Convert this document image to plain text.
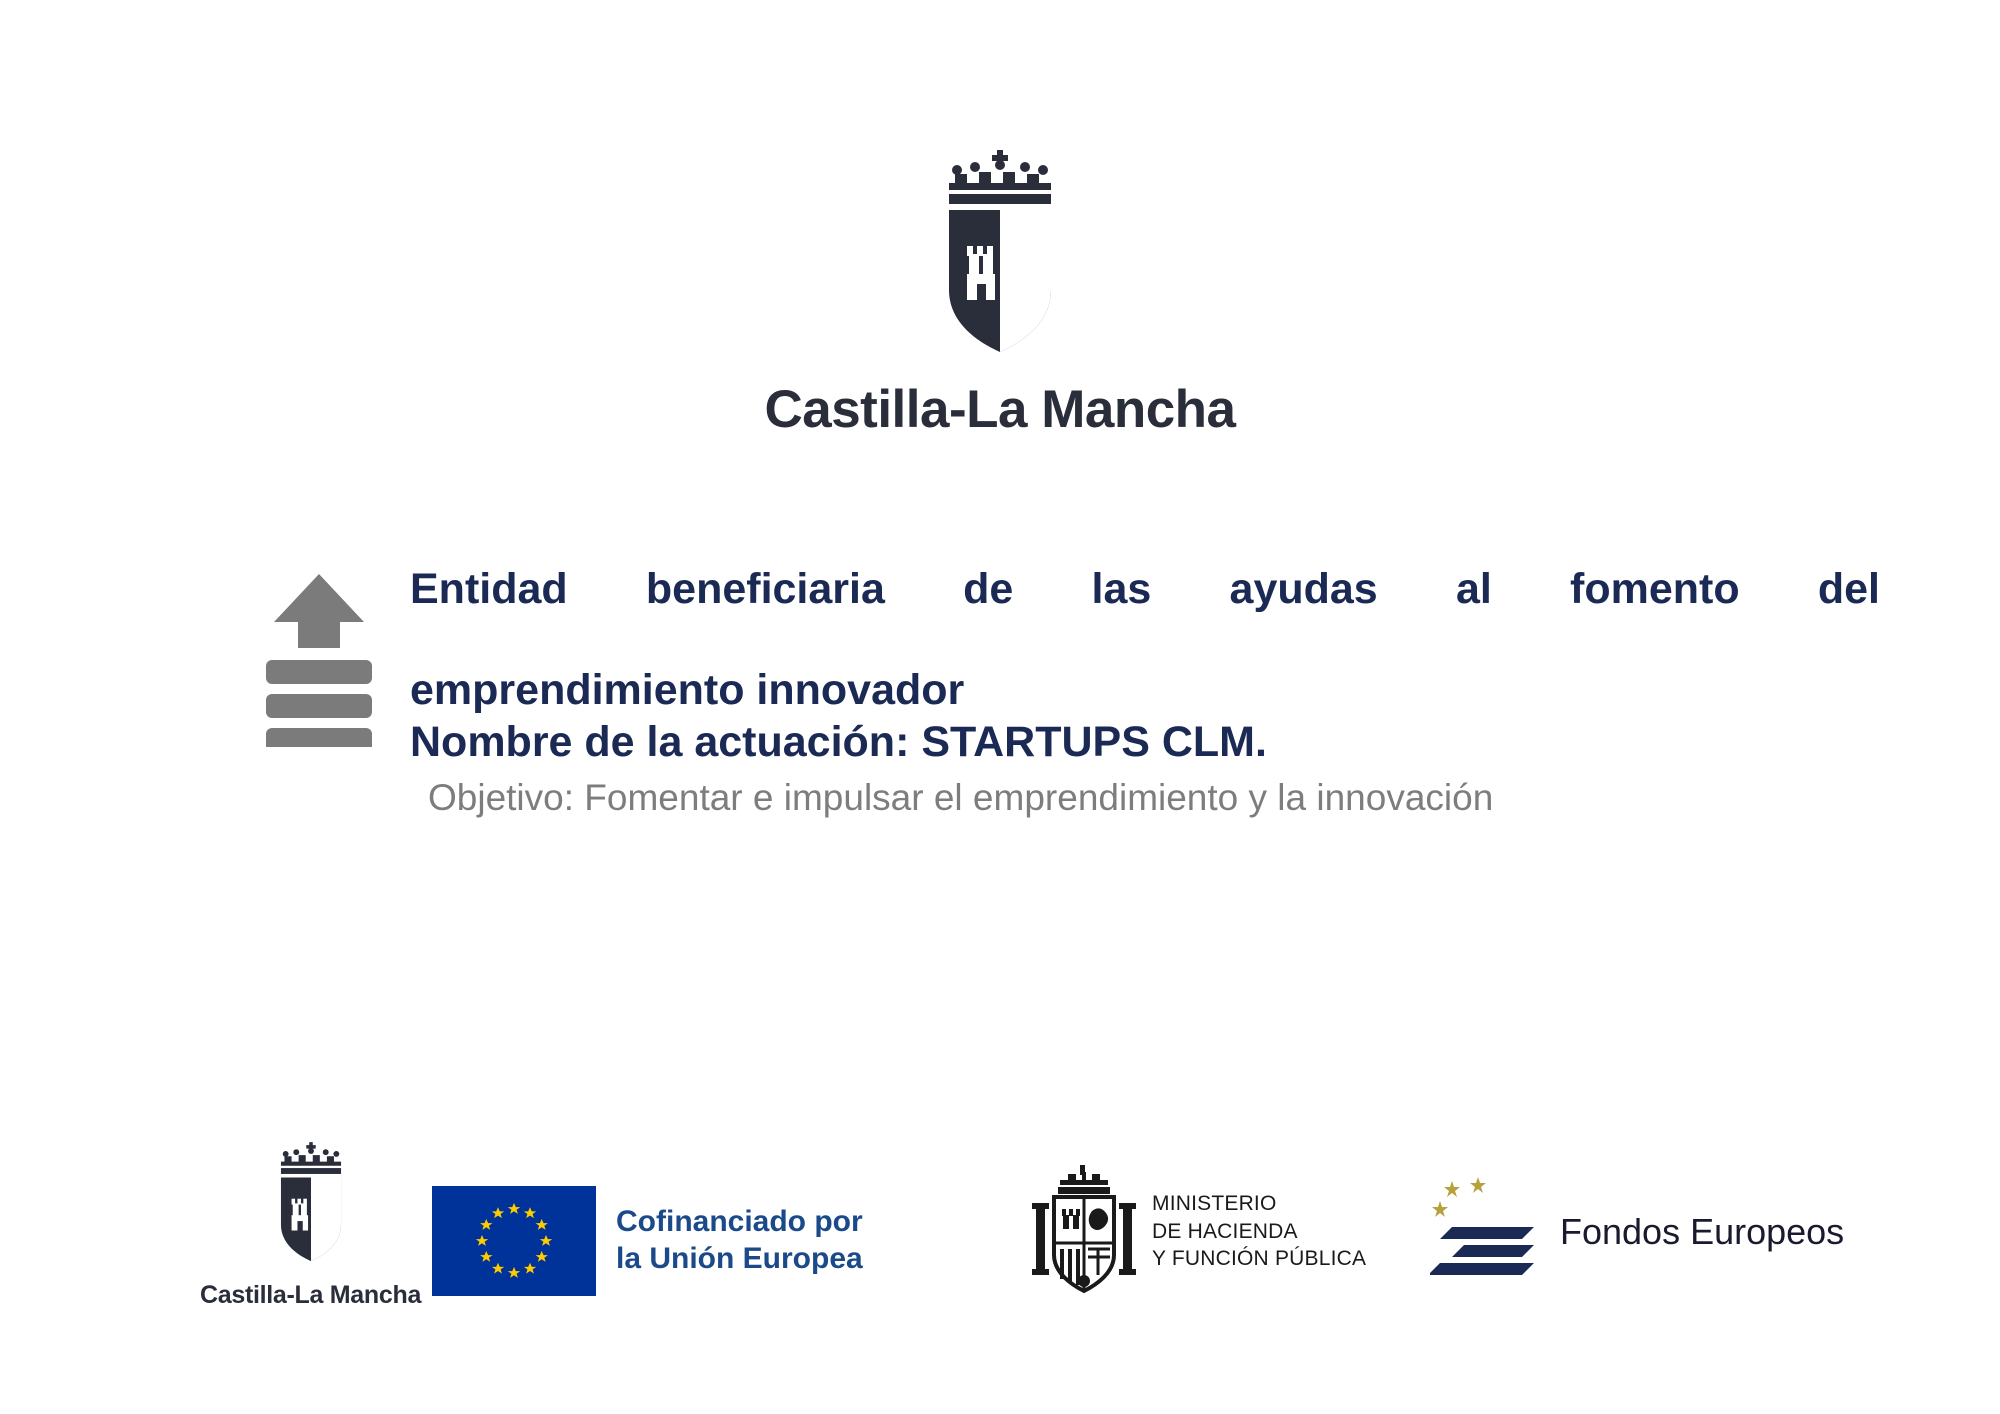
Castilla-La Mancha

Entidad beneficiaria de las ayudas al fomento del
emprendimiento innovador

Nombre de la actuación: STARTUPS CLM.

Objetivo: Fomentar e impulsar el emprendimiento y la innovación

Castilla-La Mancha
Cofinanciado por
la Unión Europea
MINISTERIO
DE HACIENDA
Y FUNCIÓN PÚBLICA
Fondos Europeos
